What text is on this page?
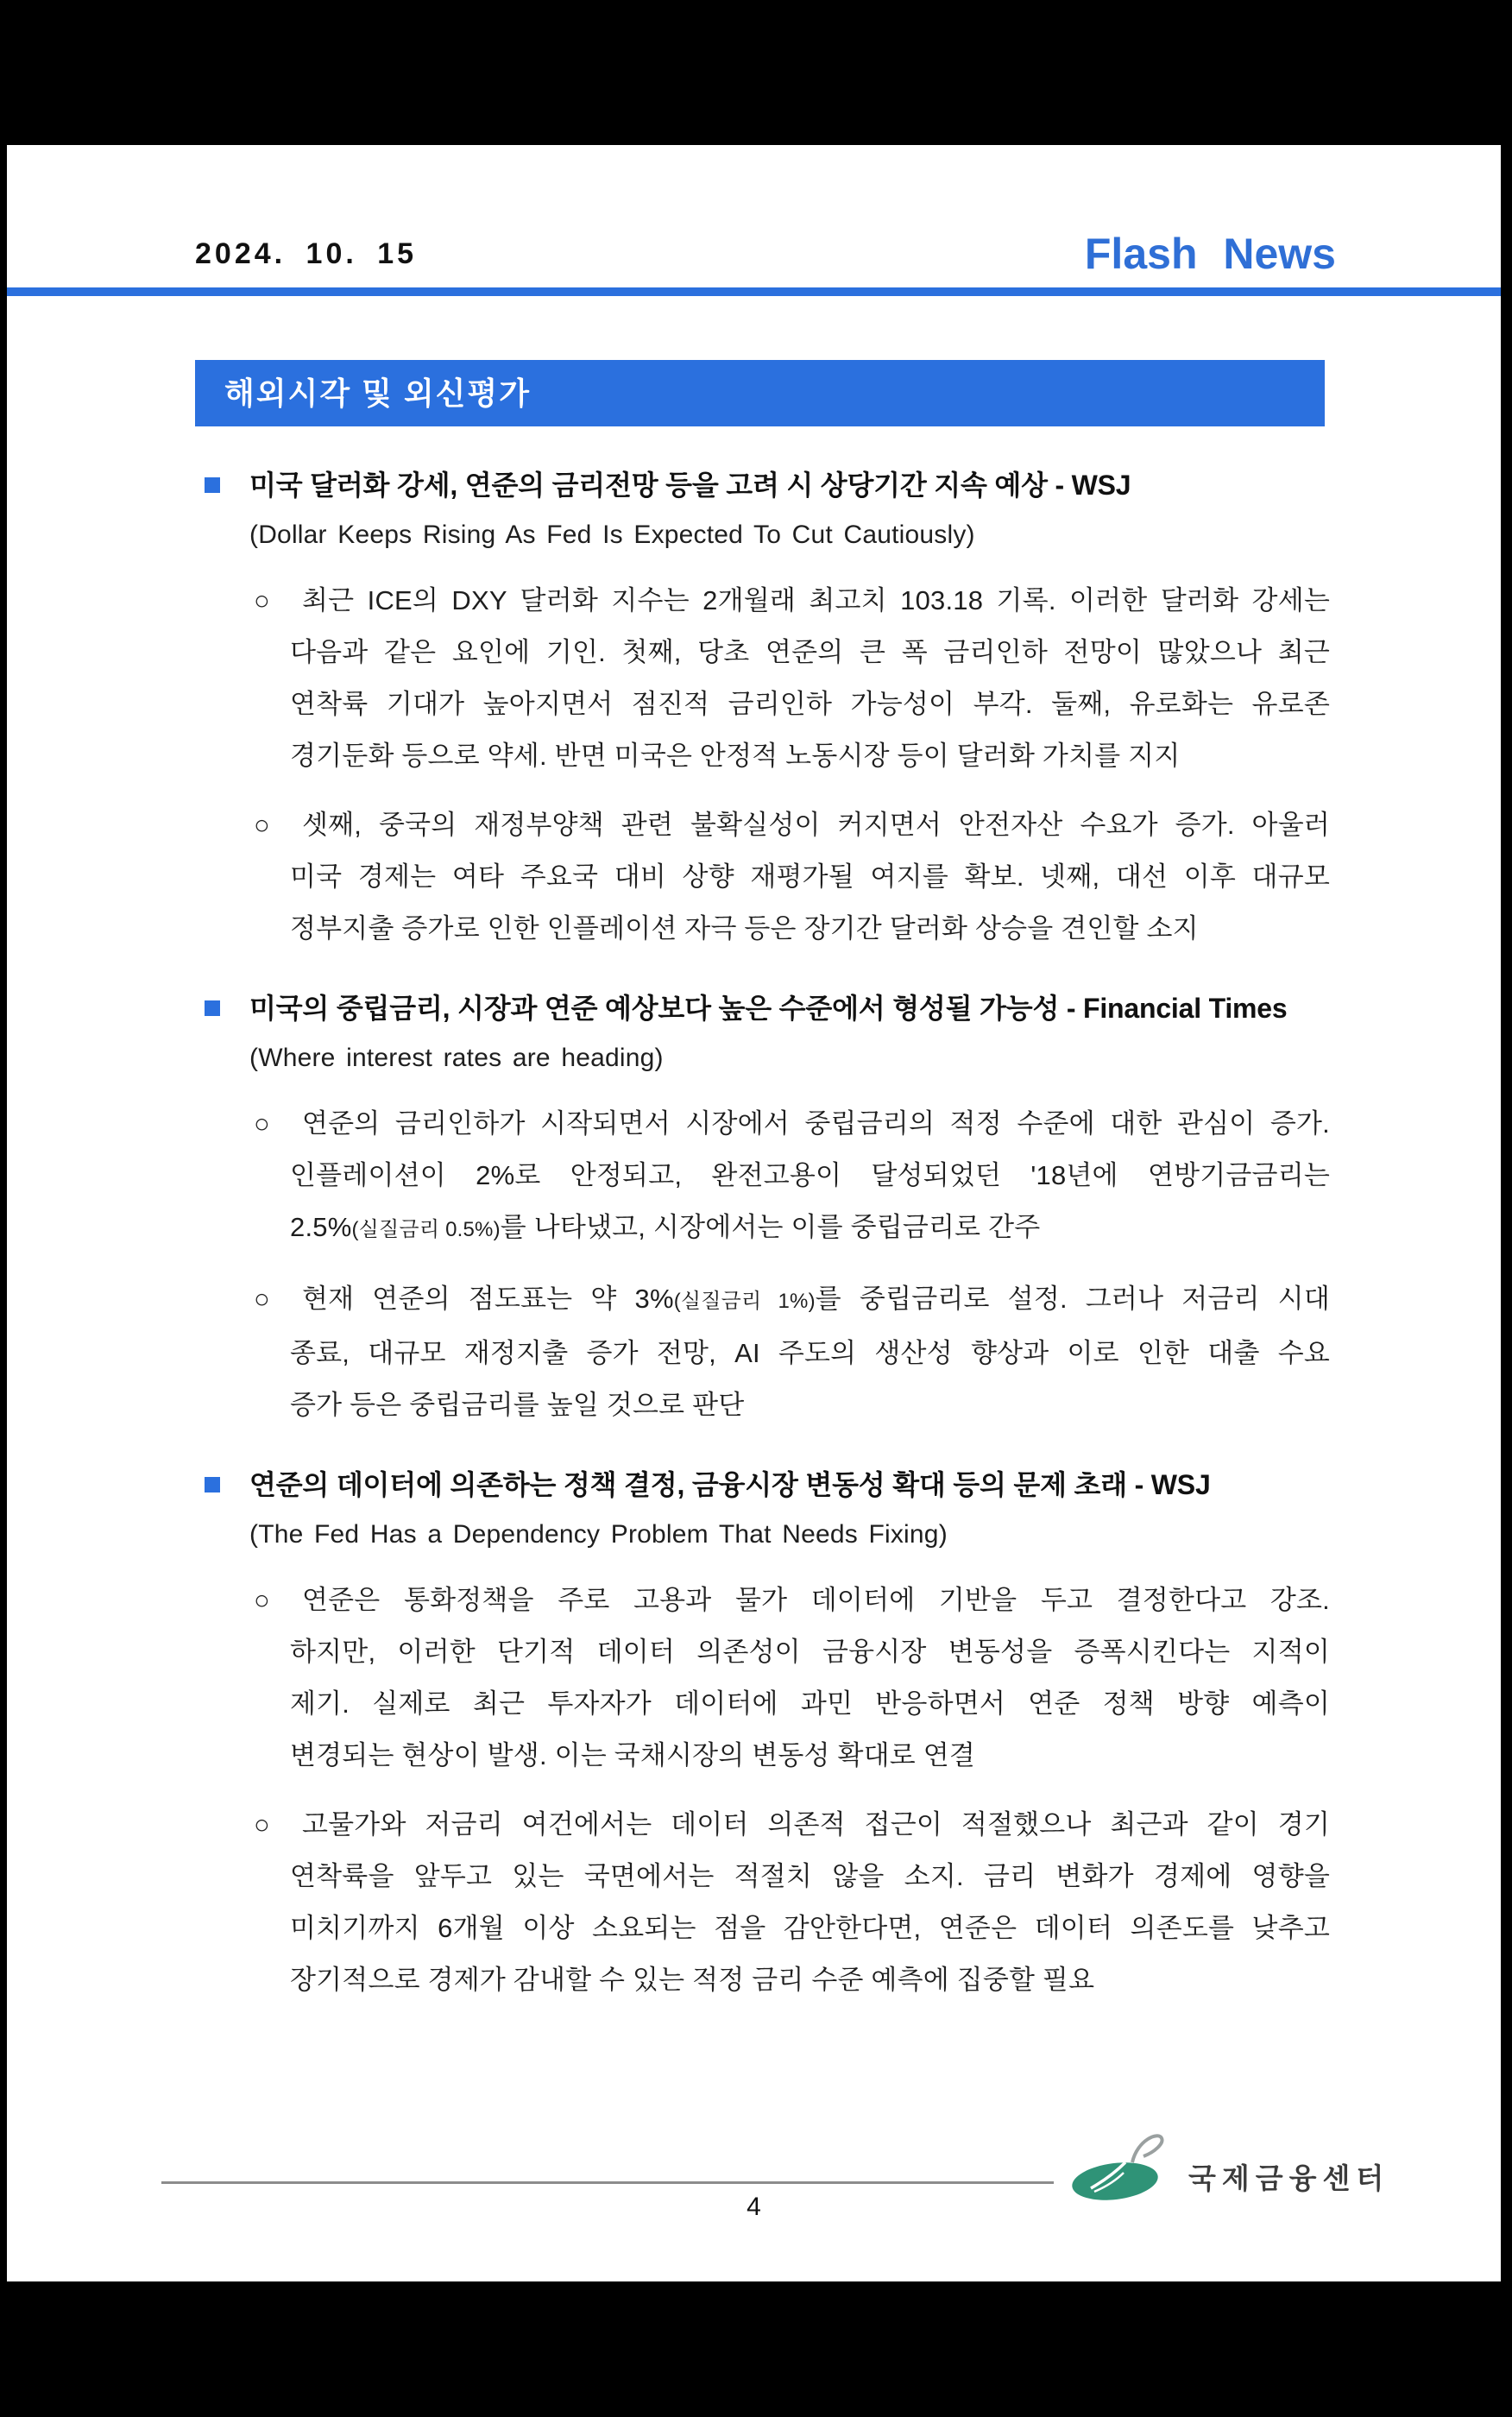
2024. 10. 15	Flash News
해외시각 및 외신평가
미국 달러화 강세, 연준의 금리전망 등을 고려 시 상당기간 지속 예상 - WSJ
(Dollar Keeps Rising As Fed Is Expected To Cut Cautiously)
○	최근 ICE의 DXY 달러화 지수는 2개월래 최고치 103.18 기록. 이러한 달러화 강세는
다음과 같은 요인에 기인. 첫째, 당초 연준의 큰 폭 금리인하 전망이 많았으나 최근
연착륙 기대가 높아지면서 점진적 금리인하 가능성이 부각. 둘째, 유로화는 유로존
경기둔화 등으로 약세. 반면 미국은 안정적 노동시장 등이 달러화 가치를 지지
○	셋째, 중국의 재정부양책 관련 불확실성이 커지면서 안전자산 수요가 증가. 아울러
미국 경제는 여타 주요국 대비 상향 재평가될 여지를 확보. 넷째, 대선 이후 대규모
정부지출 증가로 인한 인플레이션 자극 등은 장기간 달러화 상승을 견인할 소지
미국의 중립금리, 시장과 연준 예상보다 높은 수준에서 형성될 가능성 - Financial Times
(Where interest rates are heading)
○	연준의 금리인하가 시작되면서 시장에서 중립금리의 적정 수준에 대한 관심이 증가.
인플레이션이 2%로 안정되고, 완전고용이 달성되었던 '18년에 연방기금금리는
2.5%(실질금리 0.5%)를 나타냈고, 시장에서는 이를 중립금리로 간주
○	현재 연준의 점도표는 약 3%(실질금리 1%)를 중립금리로 설정. 그러나 저금리 시대
종료, 대규모 재정지출 증가 전망, AI 주도의 생산성 향상과 이로 인한 대출 수요
증가 등은 중립금리를 높일 것으로 판단
연준의 데이터에 의존하는 정책 결정, 금융시장 변동성 확대 등의 문제 초래 - WSJ
(The Fed Has a Dependency Problem That Needs Fixing)
○	연준은 통화정책을 주로 고용과 물가 데이터에 기반을 두고 결정한다고 강조.
하지만, 이러한 단기적 데이터 의존성이 금융시장 변동성을 증폭시킨다는 지적이
제기. 실제로 최근 투자자가 데이터에 과민 반응하면서 연준 정책 방향 예측이
변경되는 현상이 발생. 이는 국채시장의 변동성 확대로 연결
○	고물가와 저금리 여건에서는 데이터 의존적 접근이 적절했으나 최근과 같이 경기
연착륙을 앞두고 있는 국면에서는 적절치 않을 소지. 금리 변화가 경제에 영향을
미치기까지 6개월 이상 소요되는 점을 감안한다면, 연준은 데이터 의존도를 낮추고
장기적으로 경제가 감내할 수 있는 적정 금리 수준 예측에 집중할 필요
국제금융센터
4
